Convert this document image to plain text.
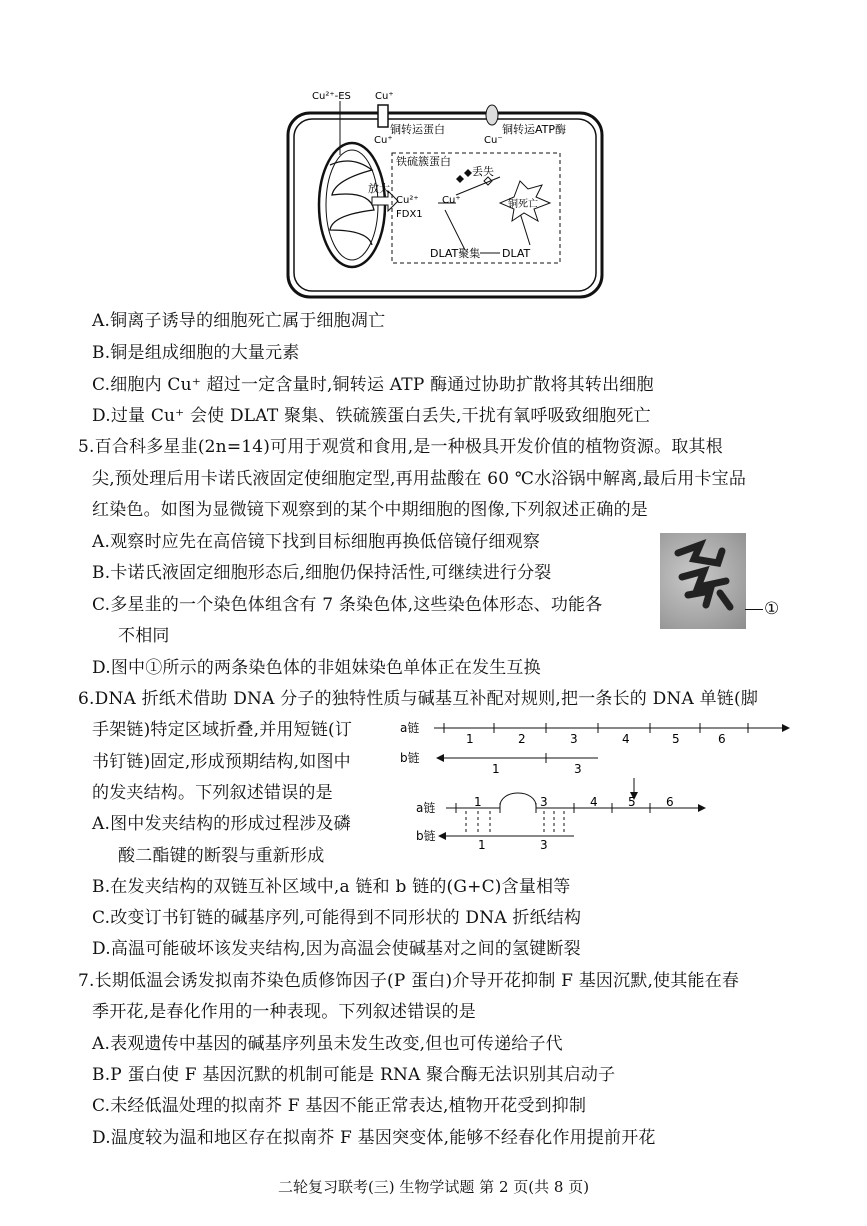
Cu²⁺-ES Cu⁺
Cu⁺
铜转运蛋白
Cu⁻
铜转运ATP酶
铁硫簇蛋白
丢失
放大
Cu²⁺ Cu⁺
FDX1
铜死亡
DLAT聚集 DLAT
A.铜离子诱导的细胞死亡属于细胞凋亡
B.铜是组成细胞的大量元素
C.细胞内 Cu⁺ 超过一定含量时,铜转运 ATP 酶通过协助扩散将其转出细胞
D.过量 Cu⁺ 会使 DLAT 聚集、铁硫簇蛋白丢失,干扰有氧呼吸致细胞死亡
5.百合科多星韭(2n=14)可用于观赏和食用,是一种极具开发价值的植物资源。取其根
尖,预处理后用卡诺氏液固定使细胞定型,再用盐酸在 60 ℃水浴锅中解离,最后用卡宝品
红染色。如图为显微镜下观察到的某个中期细胞的图像,下列叙述正确的是
A.观察时应先在高倍镜下找到目标细胞再换低倍镜仔细观察
B.卡诺氏液固定细胞形态后,细胞仍保持活性,可继续进行分裂
C.多星韭的一个染色体组含有 7 条染色体,这些染色体形态、功能各
不相同
D.图中①所示的两条染色体的非姐妹染色单体正在发生互换
①
6.DNA 折纸术借助 DNA 分子的独特性质与碱基互补配对规则,把一条长的 DNA 单链(脚
手架链)特定区域折叠,并用短链(订
书钉链)固定,形成预期结构,如图中
的发夹结构。下列叙述错误的是
A.图中发夹结构的形成过程涉及磷
酸二酯键的断裂与重新形成
B.在发夹结构的双链互补区域中,a 链和 b 链的(G+C)含量相等
C.改变订书钉链的碱基序列,可能得到不同形状的 DNA 折纸结构
D.高温可能破坏该发夹结构,因为高温会使碱基对之间的氢键断裂
a链
1	2	3	4	5	6
b链
1	3
a链	1	3	4	5	6
b链
1	3
7.长期低温会诱发拟南芥染色质修饰因子(P 蛋白)介导开花抑制 F 基因沉默,使其能在春
季开花,是春化作用的一种表现。下列叙述错误的是
A.表观遗传中基因的碱基序列虽未发生改变,但也可传递给子代
B.P 蛋白使 F 基因沉默的机制可能是 RNA 聚合酶无法识别其启动子
C.未经低温处理的拟南芥 F 基因不能正常表达,植物开花受到抑制
D.温度较为温和地区存在拟南芥 F 基因突变体,能够不经春化作用提前开花
二轮复习联考(三) 生物学试题 第 2 页(共 8 页)
